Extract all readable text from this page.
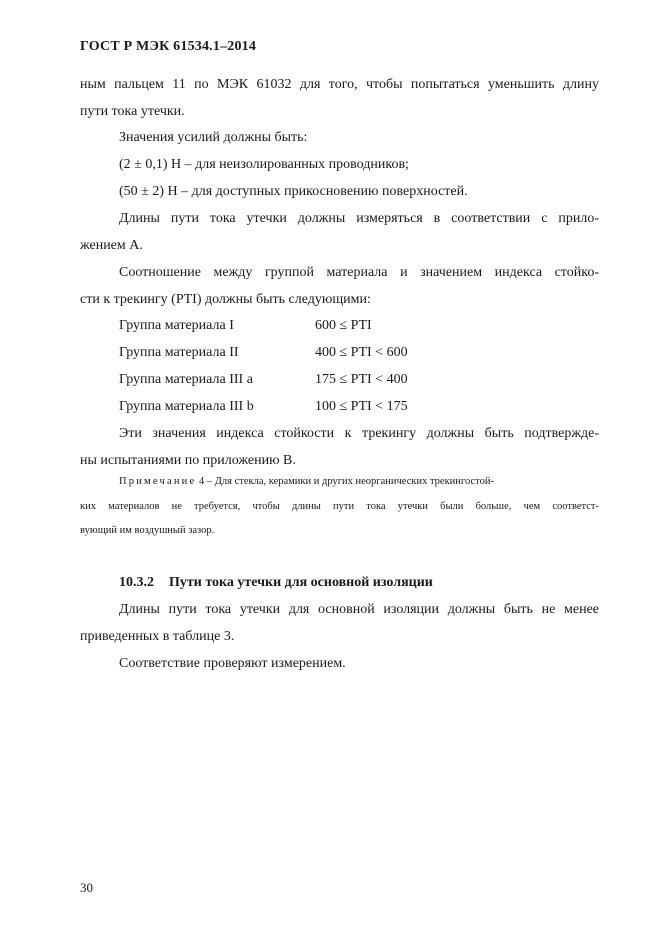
ГОСТ Р МЭК 61534.1–2014

ным пальцем 11 по МЭК 61032 для того, чтобы попытаться уменьшить длину

пути тока утечки.

Значения усилий должны быть:

(2 ± 0,1) Н – для неизолированных проводников;

(50 ± 2) Н – для доступных прикосновению поверхностей.

Длины пути тока утечки должны измеряться в соответствии с прило-

жением А.

Соотношение между группой материала и значением индекса стойко-

сти к трекингу (PTI) должны быть следующими:

Группа материала I	600 ≤ PTI
Группа материала II	400 ≤ PTI < 600
Группа материала III а	175 ≤ PTI < 400
Группа материала III b	100 ≤ PTI < 175

Эти значения индекса стойкости к трекингу должны быть подтвержде-

ны испытаниями по приложению В.

Примечание 4 – Для стекла, керамики и других неорганических трекингостой-

ких материалов не требуется, чтобы длины пути тока утечки были больше, чем соответст-

вующий им воздушный зазор.

10.3.2 Пути тока утечки для основной изоляции

Длины пути тока утечки для основной изоляции должны быть не менее

приведенных в таблице 3.

Соответствие проверяют измерением.

30
